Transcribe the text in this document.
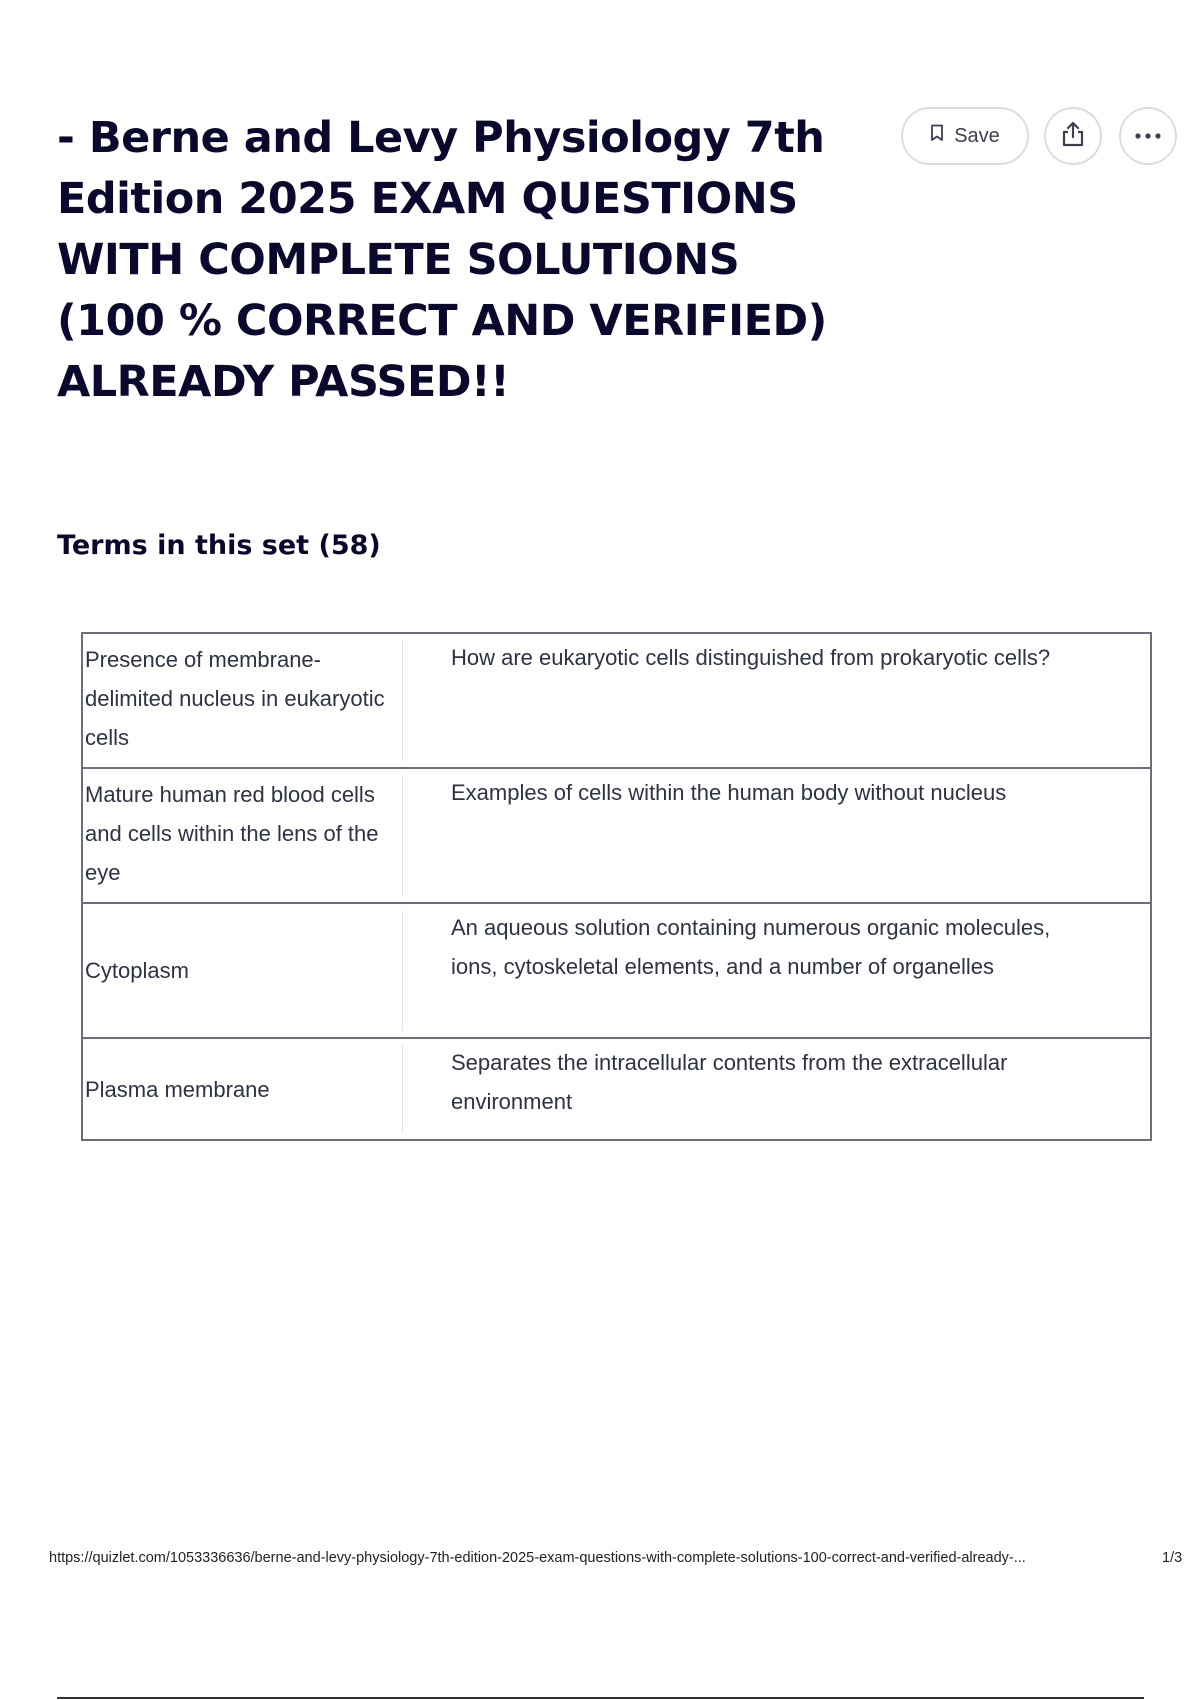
- Berne and Levy Physiology 7th Edition 2025 EXAM QUESTIONS WITH COMPLETE SOLUTIONS (100 % CORRECT AND VERIFIED) ALREADY PASSED!!
Save
Terms in this set (58)
Presence of membrane-delimited nucleus in eukaryotic cells
How are eukaryotic cells distinguished from prokaryotic cells?
Mature human red blood cells and cells within the lens of the eye
Examples of cells within the human body without nucleus
Cytoplasm
An aqueous solution containing numerous organic molecules, ions, cytoskeletal elements, and a number of organelles
Plasma membrane
Separates the intracellular contents from the extracellular environment
https://quizlet.com/1053336636/berne-and-levy-physiology-7th-edition-2025-exam-questions-with-complete-solutions-100-correct-and-verified-already-...	1/3
